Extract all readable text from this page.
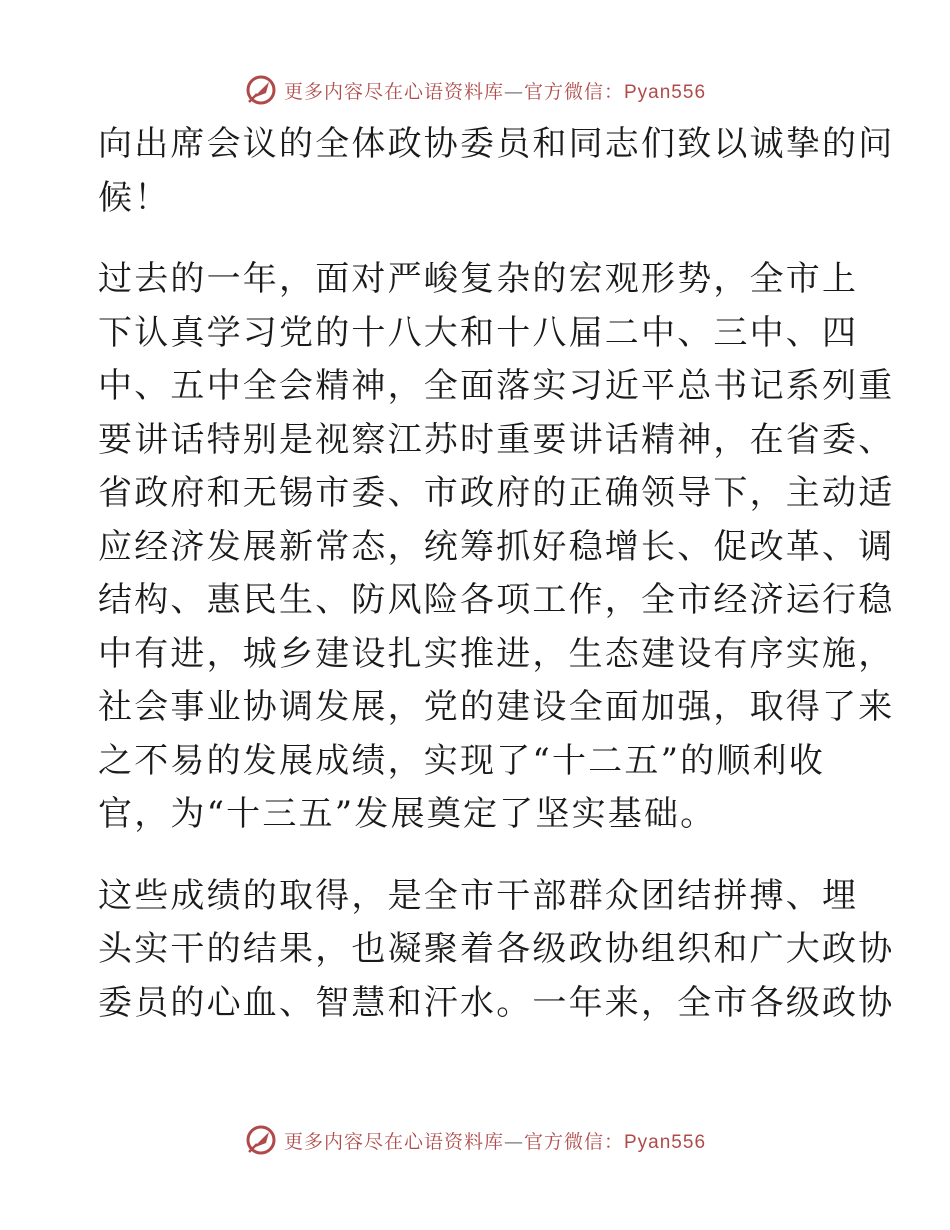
更多内容尽在心语资料库—官方微信：Pyan556

向出席会议的全体政协委员和同志们致以诚挚的问
候！

过去的一年，面对严峻复杂的宏观形势，全市上
下认真学习党的十八大和十八届二中、三中、四
中、五中全会精神，全面落实习近平总书记系列重
要讲话特别是视察江苏时重要讲话精神，在省委、
省政府和无锡市委、市政府的正确领导下，主动适
应经济发展新常态，统筹抓好稳增长、促改革、调
结构、惠民生、防风险各项工作，全市经济运行稳
中有进，城乡建设扎实推进，生态建设有序实施，
社会事业协调发展，党的建设全面加强，取得了来
之不易的发展成绩，实现了“十二五”的顺利收
官，为“十三五”发展奠定了坚实基础。

这些成绩的取得，是全市干部群众团结拼搏、埋
头实干的结果，也凝聚着各级政协组织和广大政协
委员的心血、智慧和汗水。一年来，全市各级政协

更多内容尽在心语资料库—官方微信：Pyan556
